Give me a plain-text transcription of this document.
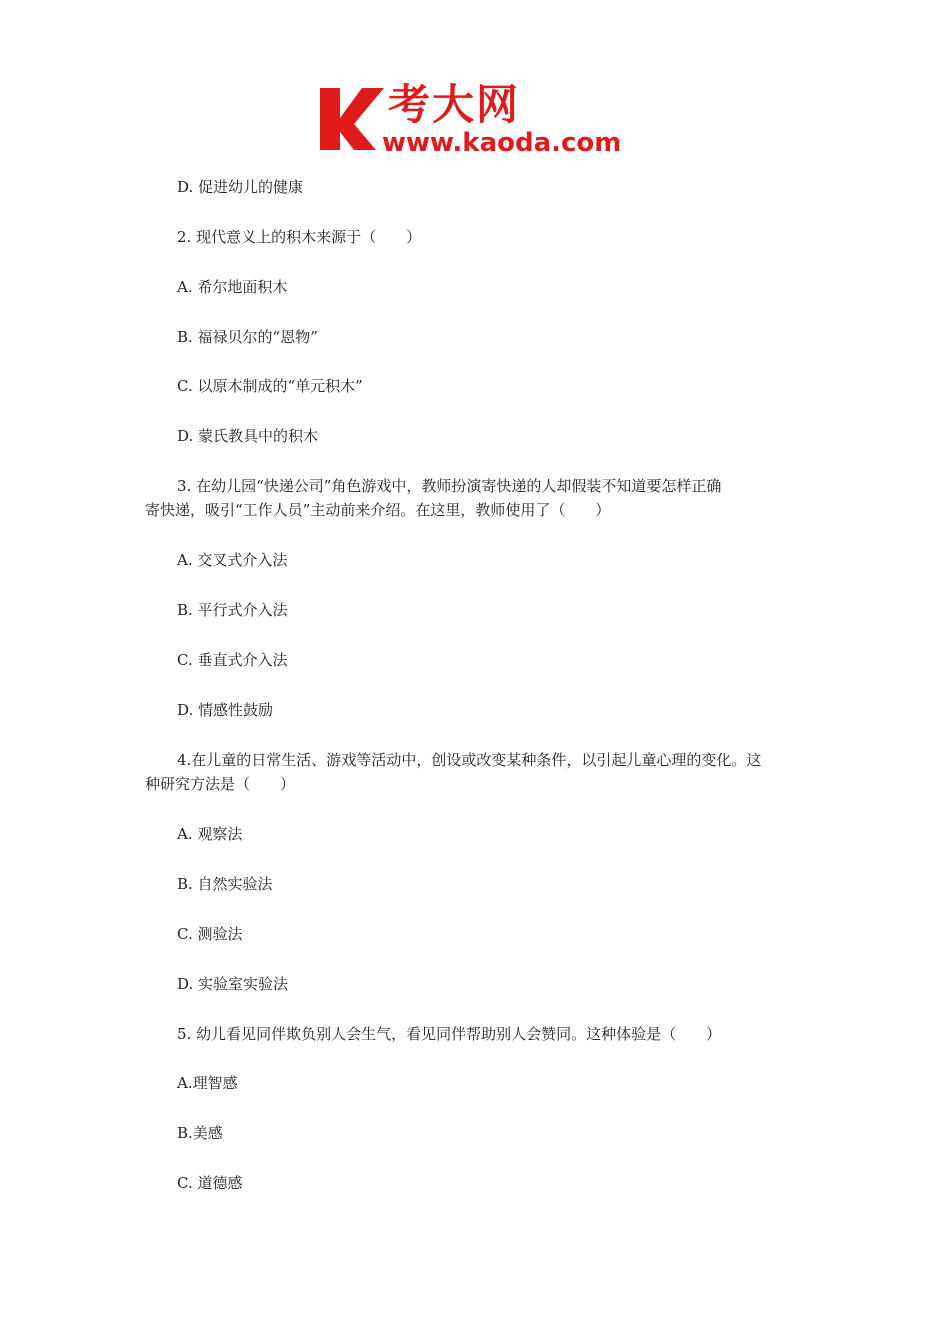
考大网
www.kaoda.com
D. 促进幼儿的健康
2. 现代意义上的积木来源于（　　）
A. 希尔地面积木
B. 福禄贝尔的“恩物”
C. 以原木制成的“单元积木”
D. 蒙氏教具中的积木
3. 在幼儿园“快递公司”角色游戏中，教师扮演寄快递的人却假装不知道要怎样正确
寄快递，吸引“工作人员”主动前来介绍。在这里，教师使用了（　　）
A. 交叉式介入法
B. 平行式介入法
C. 垂直式介入法
D. 情感性鼓励
4.在儿童的日常生活、游戏等活动中，创设或改变某种条件，以引起儿童心理的变化。这
种研究方法是（　　）
A. 观察法
B. 自然实验法
C. 测验法
D. 实验室实验法
5. 幼儿看见同伴欺负别人会生气，看见同伴帮助别人会赞同。这种体验是（　　）
A.理智感
B.美感
C. 道德感
